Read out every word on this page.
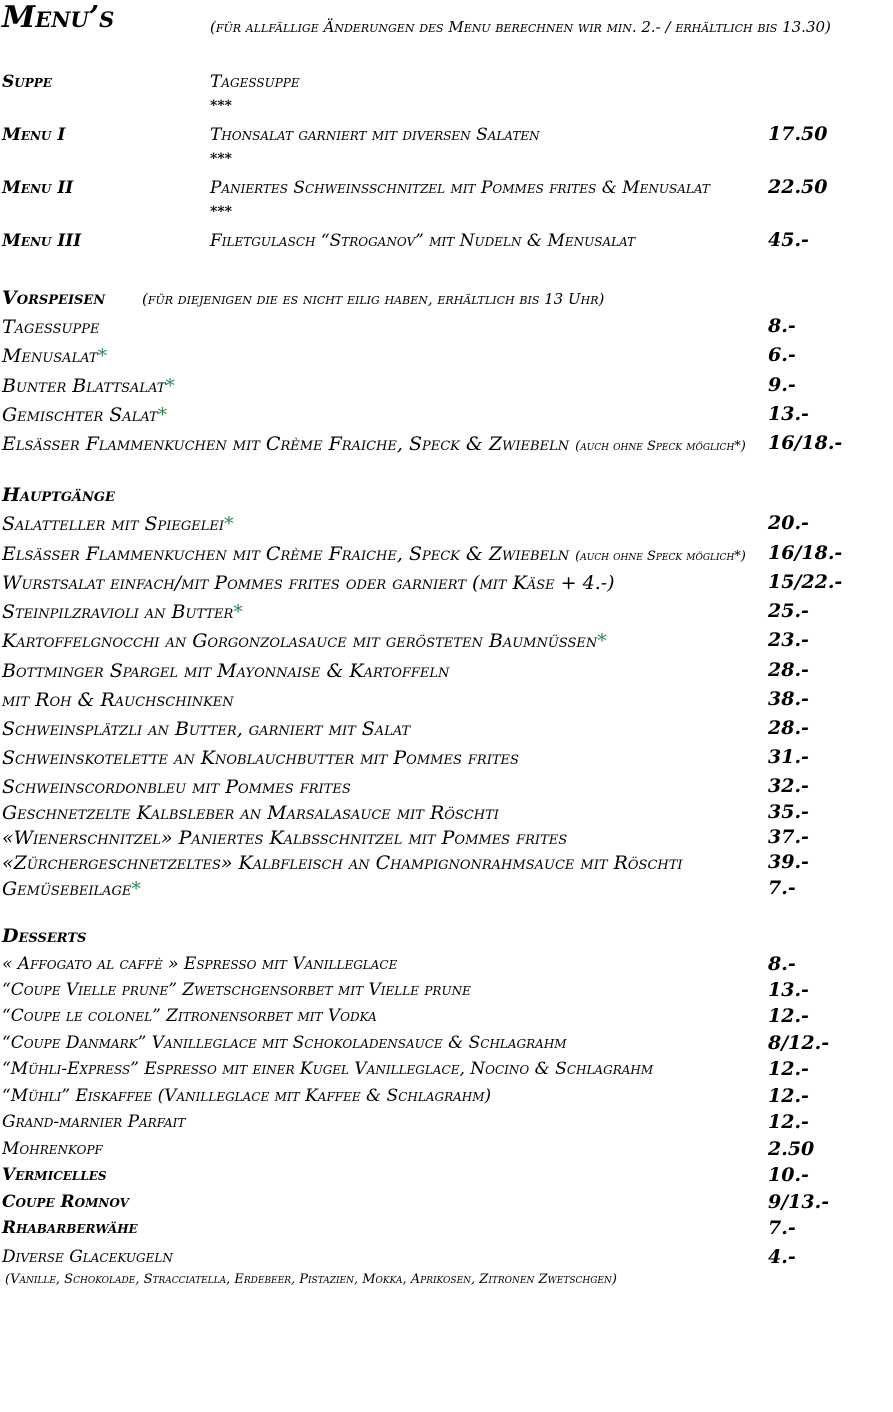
Menu’s	(für allfällige Änderungen des Menu berechnen wir min. 2.- / erhältlich bis 13.30)
Suppe	Tagessuppe
***
Menu I	Thonsalat garniert mit diversen Salaten	17.50
***
Menu II	Paniertes Schweinsschnitzel mit Pommes frites & Menusalat	22.50
***
Menu III	Filetgulasch “Stroganov” mit Nudeln & Menusalat	45.-
Vorspeisen (für diejenigen die es nicht eilig haben, erhältlich bis 13 Uhr)
Tagessuppe	8.-
Menusalat*	6.-
Bunter Blattsalat*	9.-
Gemischter Salat*	13.-
Elsässer Flammenkuchen mit Crème Fraiche, Speck & Zwiebeln (auch ohne Speck möglich*) 16/18.-
Hauptgänge
Salatteller mit Spiegelei*	20.-
Elsässer Flammenkuchen mit Crème Fraiche, Speck & Zwiebeln (auch ohne Speck möglich*) 16/18.-
Wurstsalat einfach/mit Pommes frites oder garniert (mit Käse + 4.-)	15/22.-
Steinpilzravioli an Butter*	25.-
Kartoffelgnocchi an Gorgonzolasauce mit gerösteten Baumnüssen*	23.-
Bottminger Spargel mit Mayonnaise & Kartoffeln	28.-
mit Roh & Rauchschinken	38.-
Schweinsplätzli an Butter, garniert mit Salat	28.-
Schweinskotelette an Knoblauchbutter mit Pommes frites	31.-
Schweinscordonbleu mit Pommes frites	32.-
Geschnetzelte Kalbsleber an Marsalasauce mit Röschti	35.-
«Wienerschnitzel» Paniertes Kalbsschnitzel mit Pommes frites	37.-
«Zürchergeschnetzeltes» Kalbfleisch an Champignonrahmsauce mit Röschti	39.-
Gemüsebeilage*	7.-
Desserts
« Affogato al caffè » Espresso mit Vanilleglace	8.-
“Coupe Vielle prune” Zwetschgensorbet mit Vielle prune	13.-
“Coupe le colonel” Zitronensorbet mit Vodka	12.-
“Coupe Danmark” Vanilleglace mit Schokoladensauce & Schlagrahm	8/12.-
“Mühli-Express” Espresso mit einer Kugel Vanilleglace, Nocino & Schlagrahm	12.-
“Mühli” Eiskaffee (Vanilleglace mit Kaffee & Schlagrahm)	12.-
Grand-marnier Parfait	12.-
Mohrenkopf	2.50
Vermicelles	10.-
Coupe Romnov	9/13.-
Rhabarberwähe	7.-
Diverse Glacekugeln	4.-
(Vanille, Schokolade, Stracciatella, Erdebeer, Pistazien, Mokka, Aprikosen, Zitronen Zwetschgen)
